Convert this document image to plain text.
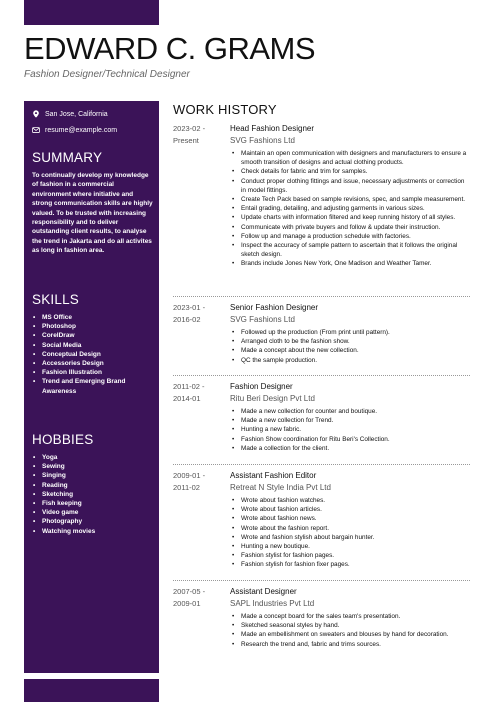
EDWARD C. GRAMS
Fashion Designer/Technical Designer
San Jose, California
resume@example.com
SUMMARY
To continually develop my knowledge of fashion in a commercial environment where initiative and strong communication skills are highly valued. To be trusted with increasing responsibility and to deliver outstanding client results, to analyse the trend in Jakarta and do all activites as long in fashion area.
SKILLS
• MS Office
• Photoshop
• CorelDraw
• Social Media
• Conceptual Design
• Accessories Design
• Fashion Illustration
• Trend and Emerging Brand Awareness
HOBBIES
• Yoga
• Sewing
• Singing
• Reading
• Sketching
• Fish keeping
• Video game
• Photography
• Watching movies
WORK HISTORY
2023-02 -
Present
Head Fashion Designer
SVG Fashions Ltd
• Maintain an open communication with designers and manufacturers to ensure a smooth transition of designs and actual clothing products.
• Check details for fabric and trim for samples.
• Conduct proper clothing fittings and issue, necessary adjustments or correction in model fittings.
• Create Tech Pack based on sample revisions, spec, and sample measurement.
• Entail grading, detailing, and adjusting garments in various sizes.
• Update charts with information filtered and keep running history of all styles.
• Communicate with private buyers and follow & update their instruction.
• Follow up and manage a production schedule with factories.
• Inspect the accuracy of sample pattern to ascertain that it follows the original sketch design.
• Brands include Jones New York, One Madison and Weather Tamer.
2023-01 -
2016-02
Senior Fashion Designer
SVG Fashions Ltd
• Followed up the production (From print until pattern).
• Arranged cloth to be the fashion show.
• Made a concept about the new collection.
• QC the sample production.
2011-02 -
2014-01
Fashion Designer
Ritu Beri Design Pvt Ltd
• Made a new collection for counter and boutique.
• Made a new collection for Trend.
• Hunting a new fabric.
• Fashion Show coordination for Ritu Beri's Collection.
• Made a collection for the client.
2009-01 -
2011-02
Assistant Fashion Editor
Retreat N Style India Pvt Ltd
• Wrote about fashion watches.
• Wrote about fashion articles.
• Wrote about fashion news.
• Wrote about the fashion report.
• Wrote and fashion stylish about bargain hunter.
• Hunting a new boutique.
• Fashion stylist for fashion pages.
• Fashion stylish for fashion fixer pages.
2007-05 -
2009-01
Assistant Designer
SAPL Industries Pvt Ltd
• Made a concept board for the sales team's presentation.
• Sketched seasonal styles by hand.
• Made an embellishment on sweaters and blouses by hand for decoration.
• Research the trend and, fabric and trims sources.
